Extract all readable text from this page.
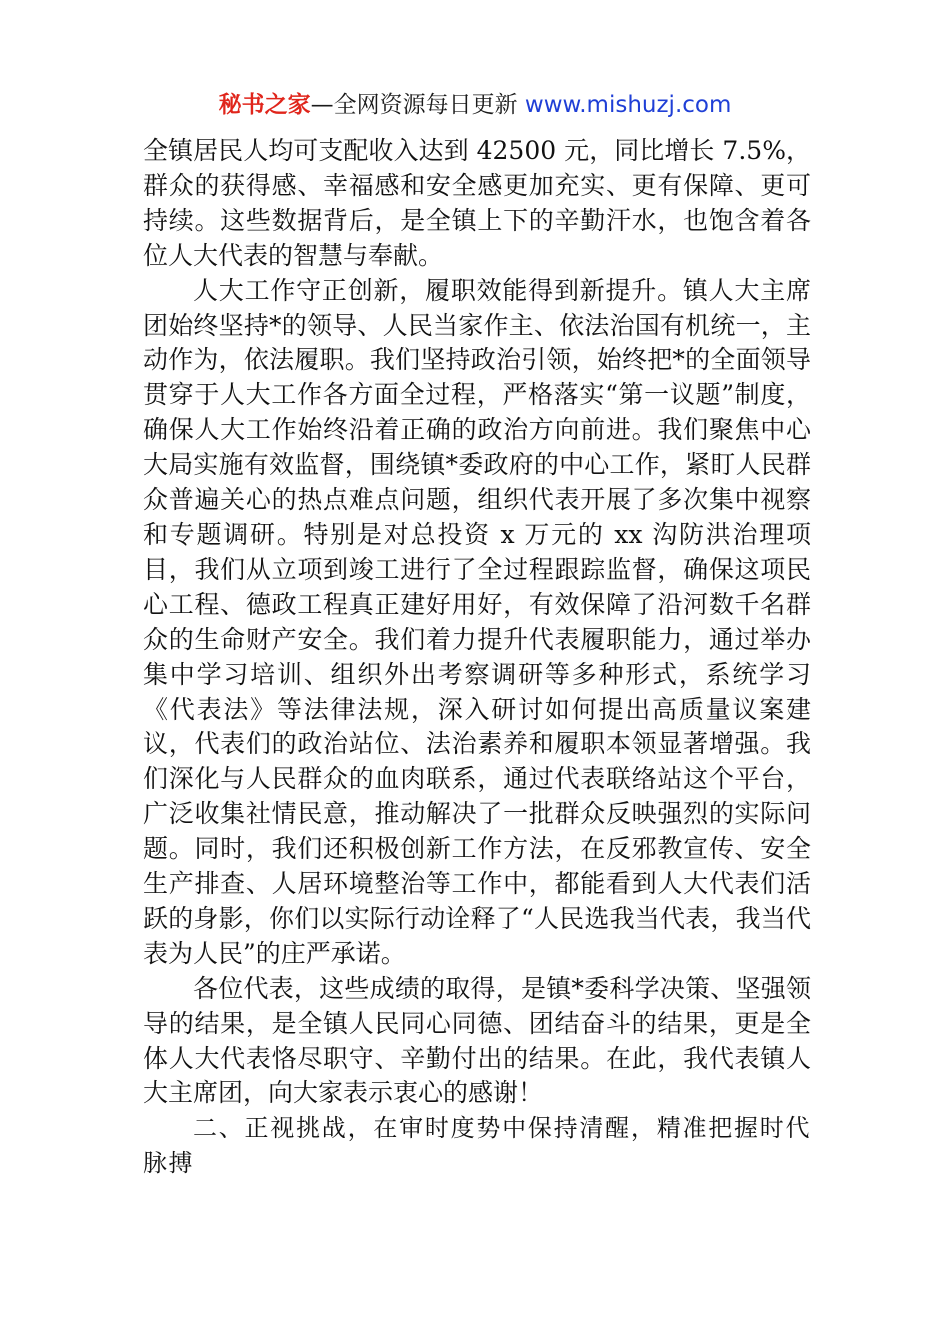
秘书之家—全网资源每日更新 www.mishuzj.com

全镇居民人均可支配收入达到 42500 元，同比增长 7.5%，群众的获得感、幸福感和安全感更加充实、更有保障、更可持续。这些数据背后，是全镇上下的辛勤汗水，也饱含着各位人大代表的智慧与奉献。

人大工作守正创新，履职效能得到新提升。镇人大主席团始终坚持*的领导、人民当家作主、依法治国有机统一，主动作为，依法履职。我们坚持政治引领，始终把*的全面领导贯穿于人大工作各方面全过程，严格落实“第一议题”制度，确保人大工作始终沿着正确的政治方向前进。我们聚焦中心大局实施有效监督，围绕镇*委政府的中心工作，紧盯人民群众普遍关心的热点难点问题，组织代表开展了多次集中视察和专题调研。特别是对总投资 x 万元的 xx 沟防洪治理项目，我们从立项到竣工进行了全过程跟踪监督，确保这项民心工程、德政工程真正建好用好，有效保障了沿河数千名群众的生命财产安全。我们着力提升代表履职能力，通过举办集中学习培训、组织外出考察调研等多种形式，系统学习《代表法》等法律法规，深入研讨如何提出高质量议案建议，代表们的政治站位、法治素养和履职本领显著增强。我们深化与人民群众的血肉联系，通过代表联络站这个平台，广泛收集社情民意，推动解决了一批群众反映强烈的实际问题。同时，我们还积极创新工作方法，在反邪教宣传、安全生产排查、人居环境整治等工作中，都能看到人大代表们活跃的身影，你们以实际行动诠释了“人民选我当代表，我当代表为人民”的庄严承诺。

各位代表，这些成绩的取得，是镇*委科学决策、坚强领导的结果，是全镇人民同心同德、团结奋斗的结果，更是全体人大代表恪尽职守、辛勤付出的结果。在此，我代表镇人大主席团，向大家表示衷心的感谢！

二、正视挑战，在审时度势中保持清醒，精准把握时代脉搏
